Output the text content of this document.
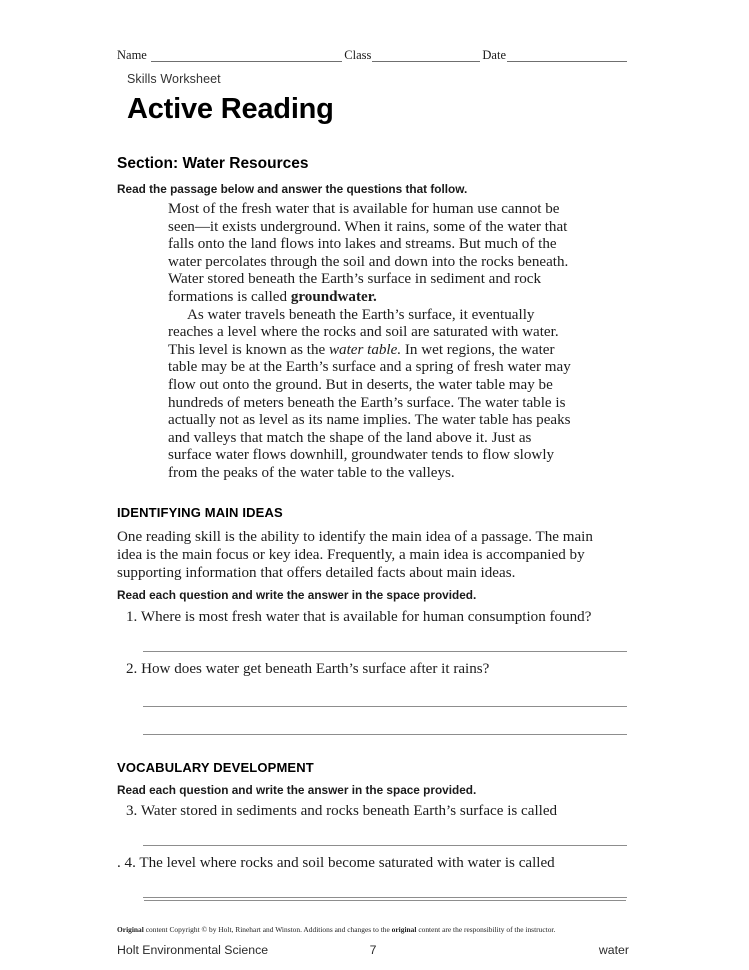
Name	Class	Date
Skills Worksheet
Active Reading
Section: Water Resources
Read the passage below and answer the questions that follow.

Most of the fresh water that is available for human use cannot be seen—it exists underground. When it rains, some of the water that falls onto the land flows into lakes and streams. But much of the water percolates through the soil and down into the rocks beneath. Water stored beneath the Earth’s surface in sediment and rock formations is called groundwater.

As water travels beneath the Earth’s surface, it eventually reaches a level where the rocks and soil are saturated with water. This level is known as the water table. In wet regions, the water table may be at the Earth’s surface and a spring of fresh water may flow out onto the ground. But in deserts, the water table may be hundreds of meters beneath the Earth’s surface. The water table is actually not as level as its name implies. The water table has peaks and valleys that match the shape of the land above it. Just as surface water flows downhill, groundwater tends to flow slowly from the peaks of the water table to the valleys.

IDENTIFYING MAIN IDEAS

One reading skill is the ability to identify the main idea of a passage. The main idea is the main focus or key idea. Frequently, a main idea is accompanied by supporting information that offers detailed facts about main ideas.

Read each question and write the answer in the space provided.
1. Where is most fresh water that is available for human consumption found?
2. How does water get beneath Earth’s surface after it rains?
VOCABULARY DEVELOPMENT
Read each question and write the answer in the space provided.
3. Water stored in sediments and rocks beneath Earth’s surface is called
. 4. The level where rocks and soil become saturated with water is called
Original content Copyright © by Holt, Rinehart and Winston. Additions and changes to the original content are the responsibility of the instructor.
Holt Environmental Science	7	water
